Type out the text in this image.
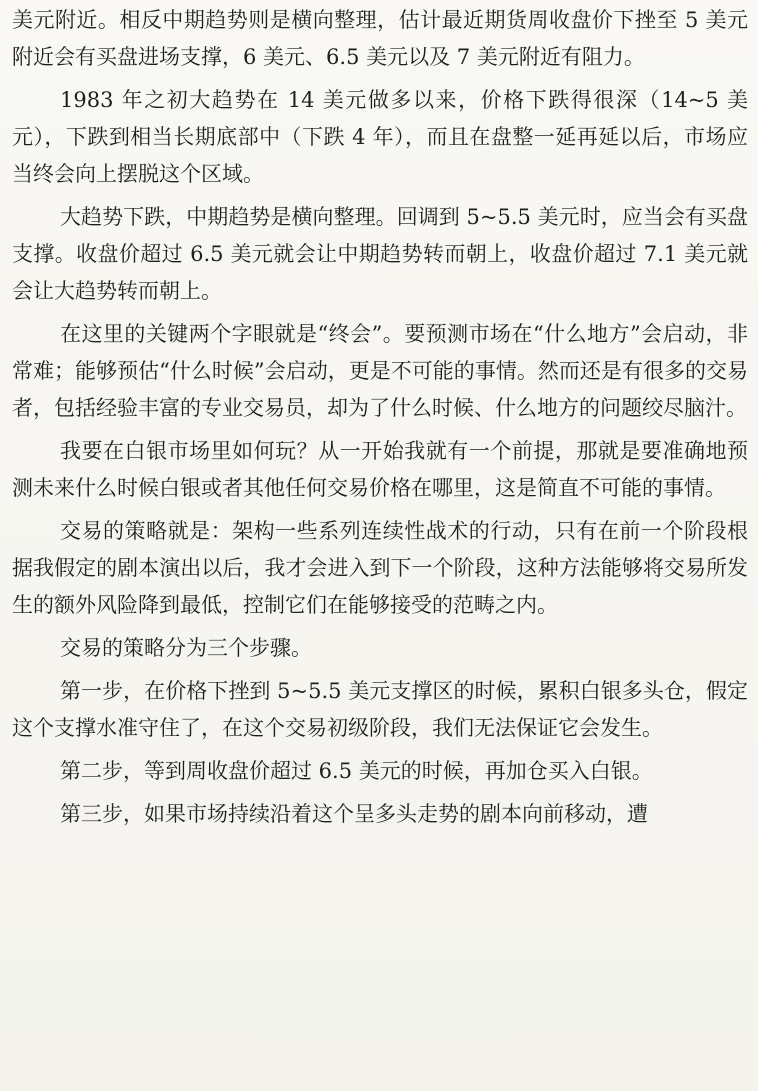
美元附近。相反中期趋势则是横向整理，估计最近期货周收盘价下挫至 5 美元附近会有买盘进场支撑，6 美元、6.5 美元以及 7 美元附近有阻力。

1983 年之初大趋势在 14 美元做多以来，价格下跌得很深（14~5 美元），下跌到相当长期底部中（下跌 4 年），而且在盘整一延再延以后，市场应当终会向上摆脱这个区域。

大趋势下跌，中期趋势是横向整理。回调到 5~5.5 美元时，应当会有买盘支撑。收盘价超过 6.5 美元就会让中期趋势转而朝上，收盘价超过 7.1 美元就会让大趋势转而朝上。

在这里的关键两个字眼就是“终会”。要预测市场在“什么地方”会启动，非常难；能够预估“什么时候”会启动，更是不可能的事情。然而还是有很多的交易者，包括经验丰富的专业交易员，却为了什么时候、什么地方的问题绞尽脑汁。

我要在白银市场里如何玩？从一开始我就有一个前提，那就是要准确地预测未来什么时候白银或者其他任何交易价格在哪里，这是简直不可能的事情。

交易的策略就是：架构一些系列连续性战术的行动，只有在前一个阶段根据我假定的剧本演出以后，我才会进入到下一个阶段，这种方法能够将交易所发生的额外风险降到最低，控制它们在能够接受的范畴之内。

交易的策略分为三个步骤。

第一步，在价格下挫到 5~5.5 美元支撑区的时候，累积白银多头仓，假定这个支撑水准守住了，在这个交易初级阶段，我们无法保证它会发生。

第二步，等到周收盘价超过 6.5 美元的时候，再加仓买入白银。

第三步，如果市场持续沿着这个呈多头走势的剧本向前移动，遭
